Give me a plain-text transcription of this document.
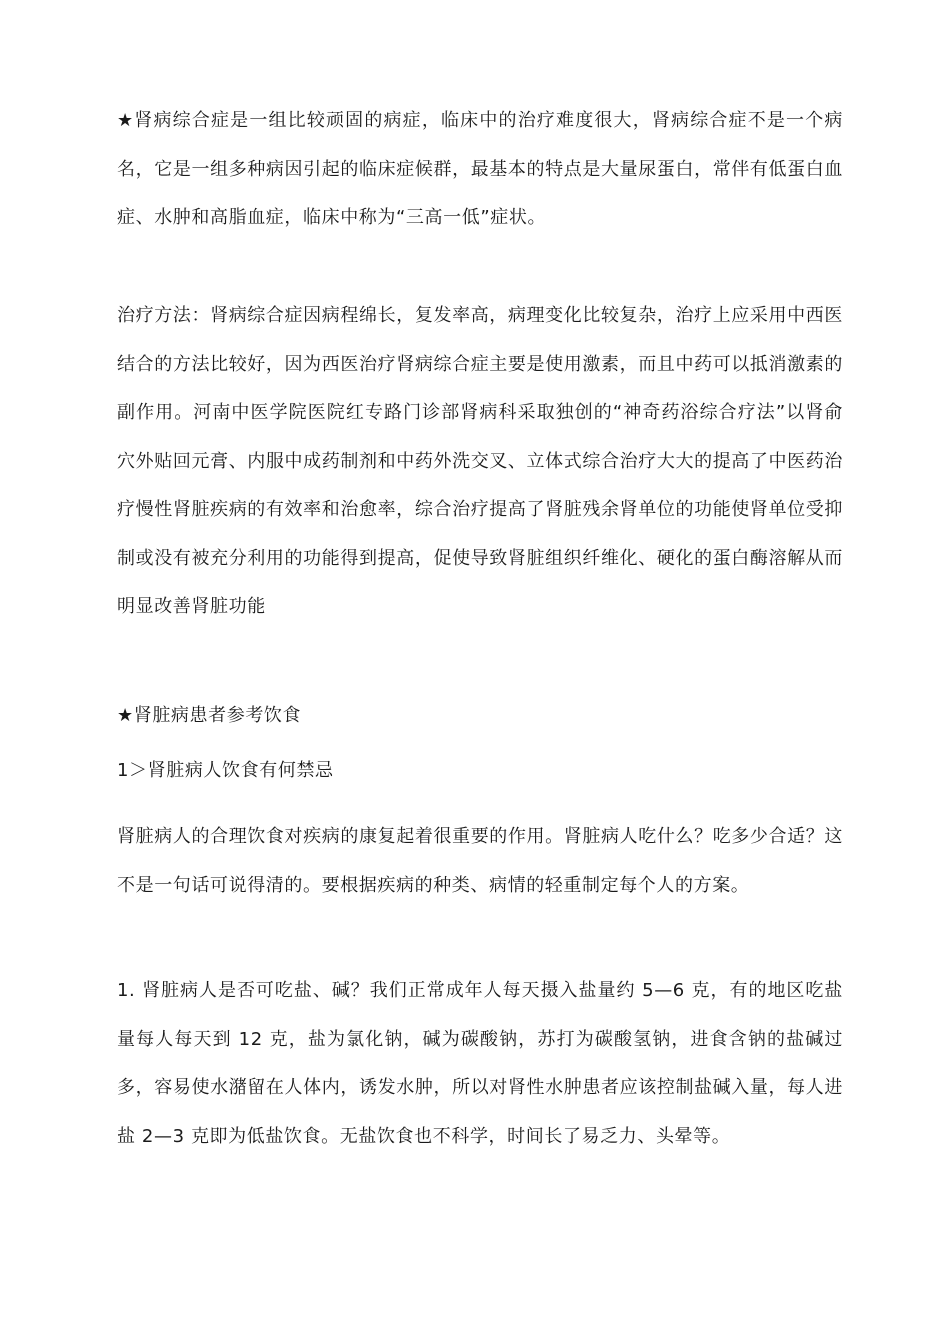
★肾病综合症是一组比较顽固的病症，临床中的治疗难度很大，肾病综合症不是一个病名，它是一组多种病因引起的临床症候群，最基本的特点是大量尿蛋白，常伴有低蛋白血症、水肿和高脂血症，临床中称为“三高一低”症状。

治疗方法：肾病综合症因病程绵长，复发率高，病理变化比较复杂，治疗上应采用中西医结合的方法比较好，因为西医治疗肾病综合症主要是使用激素，而且中药可以抵消激素的副作用。河南中医学院医院红专路门诊部肾病科采取独创的“神奇药浴综合疗法”以肾俞穴外贴回元膏、内服中成药制剂和中药外洗交叉、立体式综合治疗大大的提高了中医药治疗慢性肾脏疾病的有效率和治愈率，综合治疗提高了肾脏残余肾单位的功能使肾单位受抑制或没有被充分利用的功能得到提高，促使导致肾脏组织纤维化、硬化的蛋白酶溶解从而明显改善肾脏功能

★肾脏病患者参考饮食

1＞肾脏病人饮食有何禁忌

肾脏病人的合理饮食对疾病的康复起着很重要的作用。肾脏病人吃什么？吃多少合适？这不是一句话可说得清的。要根据疾病的种类、病情的轻重制定每个人的方案。

1. 肾脏病人是否可吃盐、碱？我们正常成年人每天摄入盐量约 5—6 克，有的地区吃盐量每人每天到 12 克，盐为氯化钠，碱为碳酸钠，苏打为碳酸氢钠，进食含钠的盐碱过多，容易使水潴留在人体内，诱发水肿，所以对肾性水肿患者应该控制盐碱入量，每人进盐 2—3 克即为低盐饮食。无盐饮食也不科学，时间长了易乏力、头晕等。
